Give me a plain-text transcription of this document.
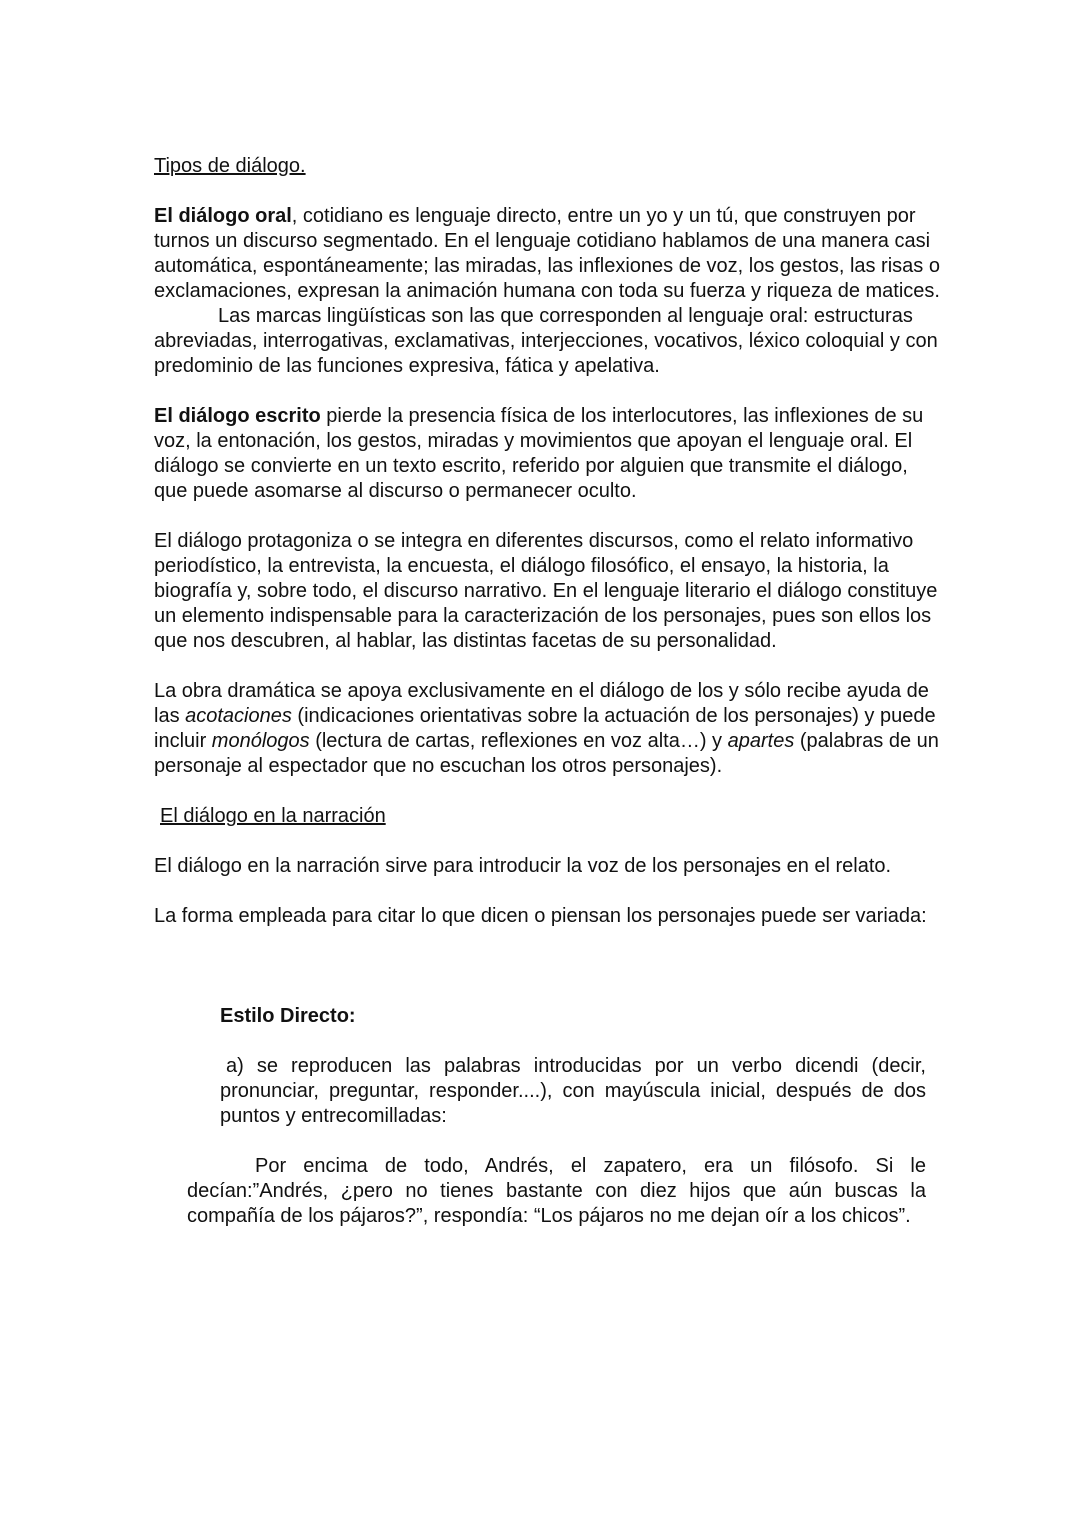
Tipos de diálogo.

El diálogo oral, cotidiano es lenguaje directo, entre un yo y un tú, que construyen por turnos un discurso segmentado. En el lenguaje cotidiano hablamos de una manera casi automática, espontáneamente; las miradas, las inflexiones de voz, los gestos, las risas o exclamaciones, expresan la animación humana con toda su fuerza y riqueza de matices.

Las marcas lingüísticas son las que corresponden al lenguaje oral: estructuras abreviadas, interrogativas, exclamativas, interjecciones, vocativos, léxico coloquial y con predominio de las funciones expresiva, fática y apelativa.

El diálogo escrito pierde la presencia física de los interlocutores, las inflexiones de su voz, la entonación, los gestos, miradas y movimientos que apoyan el lenguaje oral. El diálogo se convierte en un texto escrito, referido por alguien que transmite el diálogo, que puede asomarse al discurso o permanecer oculto.

El diálogo protagoniza o se integra en diferentes discursos, como el relato informativo periodístico, la entrevista, la encuesta, el diálogo filosófico, el ensayo, la historia, la biografía y, sobre todo, el discurso narrativo. En el lenguaje literario el diálogo constituye un elemento indispensable para la caracterización de los personajes, pues son ellos los que nos descubren, al hablar, las distintas facetas de su personalidad.

La obra dramática se apoya exclusivamente en el diálogo de los y sólo recibe ayuda de las acotaciones (indicaciones orientativas sobre la actuación de los personajes) y puede incluir monólogos (lectura de cartas, reflexiones en voz alta…) y apartes (palabras de un personaje al espectador que no escuchan los otros personajes).

El diálogo en la narración

El diálogo en la narración sirve para introducir la voz de los personajes en el relato.

La forma empleada para citar lo que dicen o piensan los personajes puede ser variada:

Estilo Directo:

a) se reproducen las palabras introducidas por un verbo dicendi (decir, pronunciar, preguntar, responder....), con mayúscula inicial, después de dos puntos y entrecomilladas:

Por encima de todo, Andrés, el zapatero, era un filósofo. Si le decían:”Andrés, ¿pero no tienes bastante con diez hijos que aún buscas la compañía de los pájaros?”, respondía: “Los pájaros no me dejan oír a los chicos”.
